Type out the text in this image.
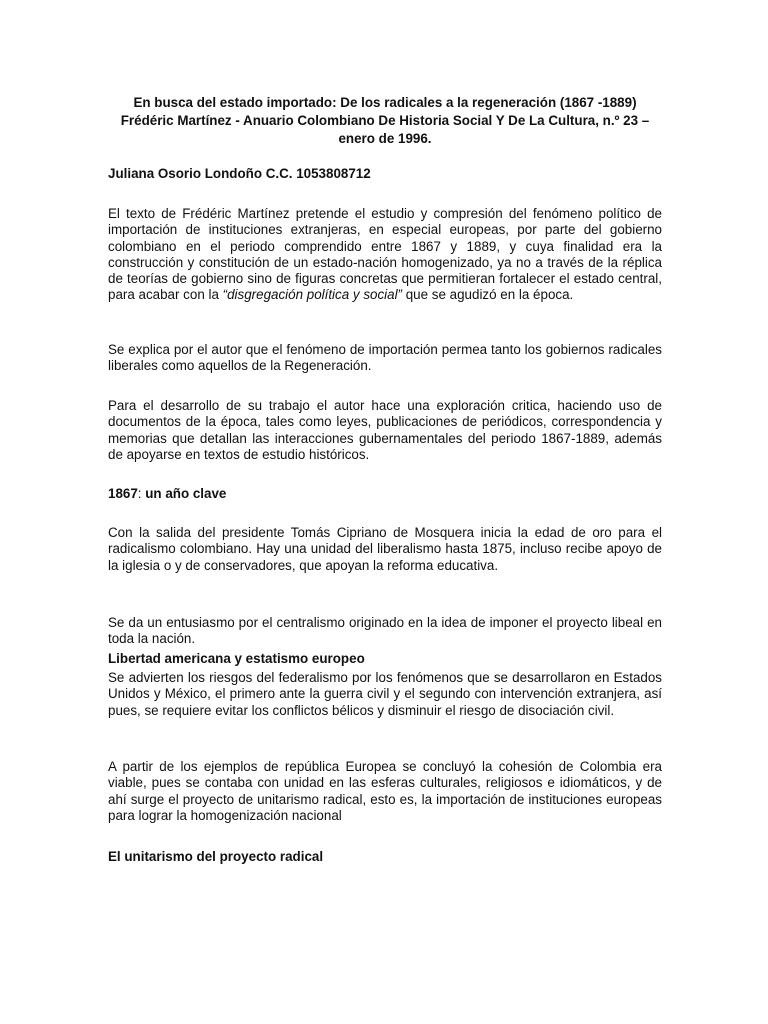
En busca del estado importado: De los radicales a la regeneración (1867 -1889)
Frédéric Martínez - Anuario Colombiano De Historia Social Y De La Cultura, n.º 23 –
enero de 1996.
Juliana Osorio Londoño C.C. 1053808712
El texto de Frédéric Martínez pretende el estudio y compresión del fenómeno político de importación de instituciones extranjeras, en especial europeas, por parte del gobierno colombiano en el periodo comprendido entre 1867 y 1889, y cuya finalidad era la construcción y constitución de un estado-nación homogenizado, ya no a través de la réplica de teorías de gobierno sino de figuras concretas que permitieran fortalecer el estado central, para acabar con la “disgregación política y social” que se agudizó en la época.
Se explica por el autor que el fenómeno de importación permea tanto los gobiernos radicales liberales como aquellos de la Regeneración.
Para el desarrollo de su trabajo el autor hace una exploración critica, haciendo uso de documentos de la época, tales como leyes, publicaciones de periódicos, correspondencia y memorias que detallan las interacciones gubernamentales del periodo 1867-1889, además de apoyarse en textos de estudio históricos.
1867: un año clave
Con la salida del presidente Tomás Cipriano de Mosquera inicia la edad de oro para el radicalismo colombiano. Hay una unidad del liberalismo hasta 1875, incluso recibe apoyo de la iglesia o y de conservadores, que apoyan la reforma educativa.
Se da un entusiasmo por el centralismo originado en la idea de imponer el proyecto libeal en toda la nación.
Libertad americana y estatismo europeo
Se advierten los riesgos del federalismo por los fenómenos que se desarrollaron en Estados Unidos y México, el primero ante la guerra civil y el segundo con intervención extranjera, así pues, se requiere evitar los conflictos bélicos y disminuir el riesgo de disociación civil.
A partir de los ejemplos de república Europea se concluyó la cohesión de Colombia era viable, pues se contaba con unidad en las esferas culturales, religiosos e idiomáticos, y de ahí surge el proyecto de unitarismo radical, esto es, la importación de instituciones europeas para lograr la homogenización nacional
El unitarismo del proyecto radical
